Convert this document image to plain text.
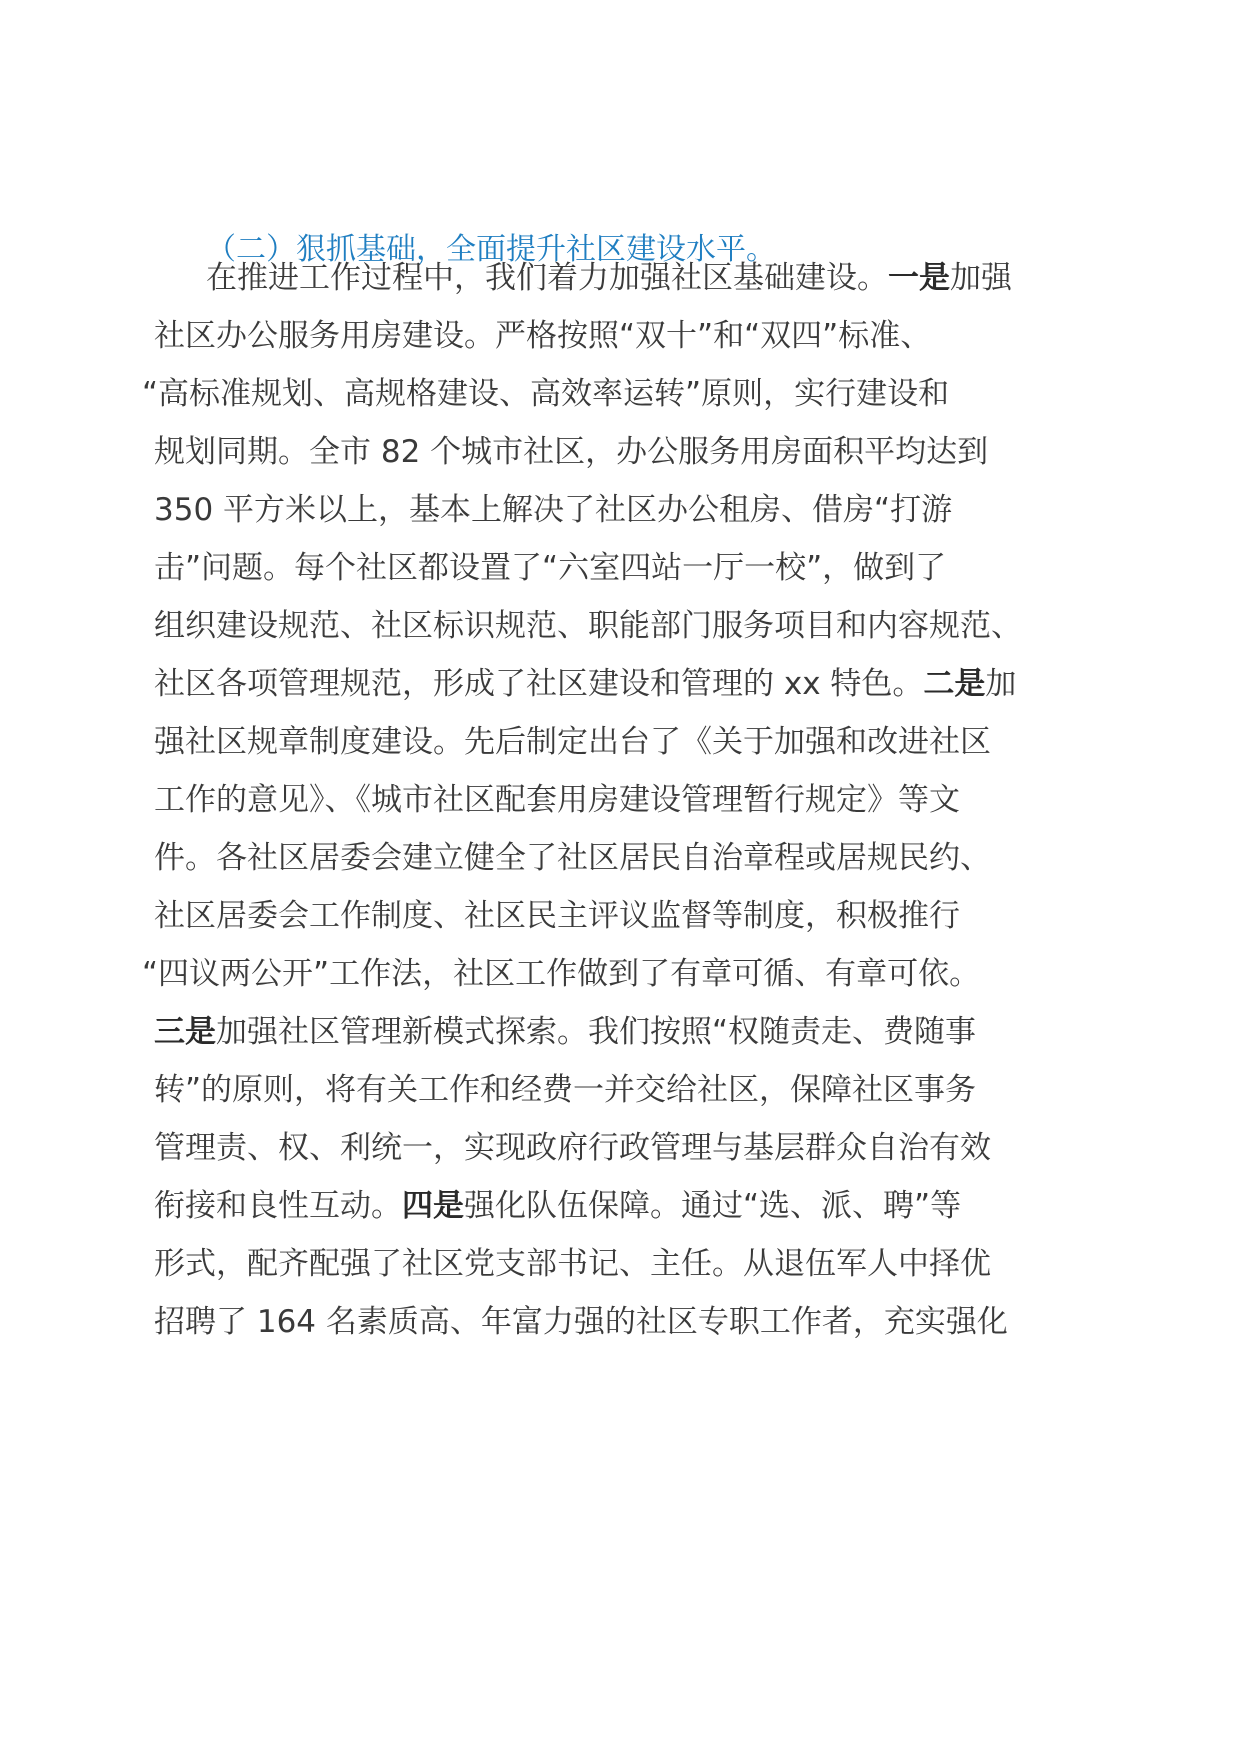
（二）狠抓基础，全面提升社区建设水平。
在推进工作过程中，我们着力加强社区基础建设。一是加强
社区办公服务用房建设。严格按照“双十”和“双四”标准、
“高标准规划、高规格建设、高效率运转”原则，实行建设和
规划同期。全市 82 个城市社区，办公服务用房面积平均达到
350 平方米以上，基本上解决了社区办公租房、借房“打游
击”问题。每个社区都设置了“六室四站一厅一校”，做到了
组织建设规范、社区标识规范、职能部门服务项目和内容规范、
社区各项管理规范，形成了社区建设和管理的 xx 特色。二是加
强社区规章制度建设。先后制定出台了《关于加强和改进社区
工作的意见》、《城市社区配套用房建设管理暂行规定》等文
件。各社区居委会建立健全了社区居民自治章程或居规民约、
社区居委会工作制度、社区民主评议监督等制度，积极推行
“四议两公开”工作法，社区工作做到了有章可循、有章可依。
三是加强社区管理新模式探索。我们按照“权随责走、费随事
转”的原则，将有关工作和经费一并交给社区，保障社区事务
管理责、权、利统一，实现政府行政管理与基层群众自治有效
衔接和良性互动。四是强化队伍保障。通过“选、派、聘”等
形式，配齐配强了社区党支部书记、主任。从退伍军人中择优
招聘了 164 名素质高、年富力强的社区专职工作者，充实强化
